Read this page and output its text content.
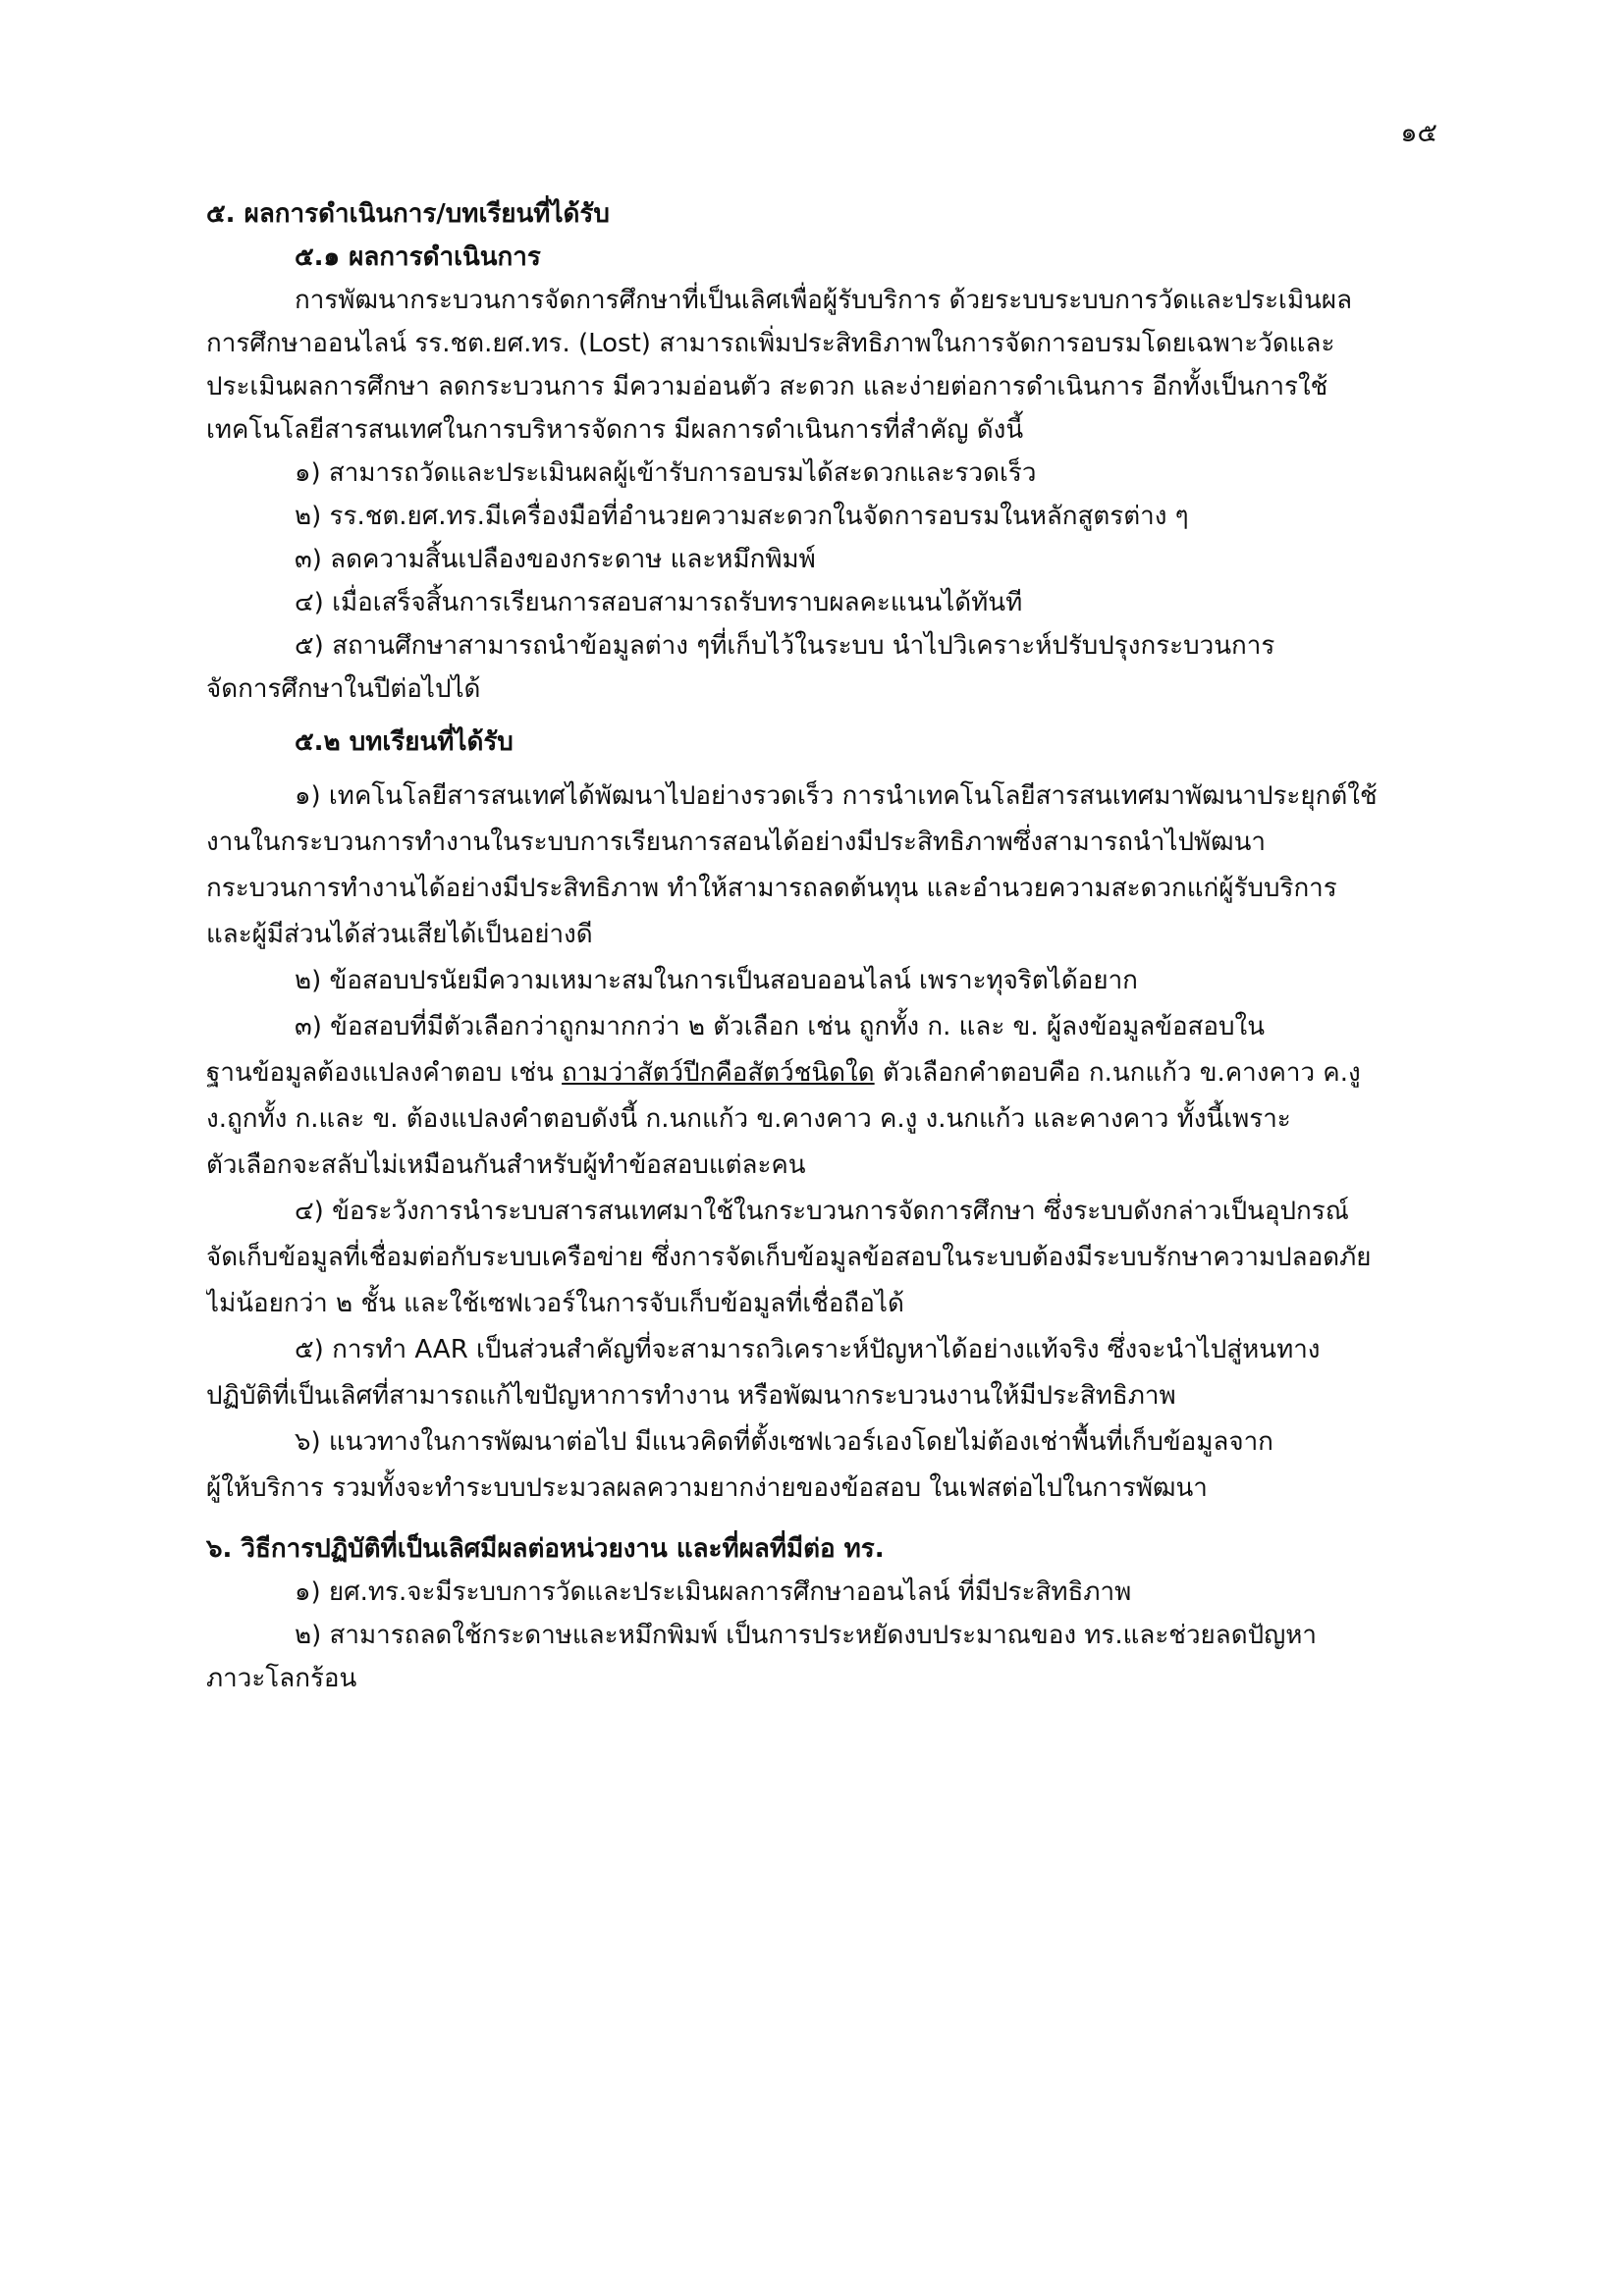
๑๕
๕. ผลการดำเนินการ/บทเรียนที่ได้รับ
๕.๑ ผลการดำเนินการ
การพัฒนากระบวนการจัดการศึกษาที่เป็นเลิศเพื่อผู้รับบริการ ด้วยระบบระบบการวัดและประเมินผล
การศึกษาออนไลน์ รร.ชต.ยศ.ทร. (Lost) สามารถเพิ่มประสิทธิภาพในการจัดการอบรมโดยเฉพาะวัดและ
ประเมินผลการศึกษา ลดกระบวนการ มีความอ่อนตัว สะดวก และง่ายต่อการดำเนินการ อีกทั้งเป็นการใช้
เทคโนโลยีสารสนเทศในการบริหารจัดการ มีผลการดำเนินการที่สำคัญ ดังนี้
๑) สามารถวัดและประเมินผลผู้เข้ารับการอบรมได้สะดวกและรวดเร็ว
๒) รร.ชต.ยศ.ทร.มีเครื่องมือที่อำนวยความสะดวกในจัดการอบรมในหลักสูตรต่าง ๆ
๓) ลดความสิ้นเปลืองของกระดาษ และหมึกพิมพ์
๔) เมื่อเสร็จสิ้นการเรียนการสอบสามารถรับทราบผลคะแนนได้ทันที
๕) สถานศึกษาสามารถนำข้อมูลต่าง ๆที่เก็บไว้ในระบบ นำไปวิเคราะห์ปรับปรุงกระบวนการ
จัดการศึกษาในปีต่อไปได้
๕.๒ บทเรียนที่ได้รับ
๑) เทคโนโลยีสารสนเทศได้พัฒนาไปอย่างรวดเร็ว การนำเทคโนโลยีสารสนเทศมาพัฒนาประยุกต์ใช้
งานในกระบวนการทำงานในระบบการเรียนการสอนได้อย่างมีประสิทธิภาพซึ่งสามารถนำไปพัฒนา
กระบวนการทำงานได้อย่างมีประสิทธิภาพ ทำให้สามารถลดต้นทุน และอำนวยความสะดวกแก่ผู้รับบริการ
และผู้มีส่วนได้ส่วนเสียได้เป็นอย่างดี
๒) ข้อสอบปรนัยมีความเหมาะสมในการเป็นสอบออนไลน์ เพราะทุจริตได้อยาก
๓) ข้อสอบที่มีตัวเลือกว่าถูกมากกว่า ๒ ตัวเลือก เช่น ถูกทั้ง ก. และ ข. ผู้ลงข้อมูลข้อสอบใน
ฐานข้อมูลต้องแปลงคำตอบ เช่น ถามว่าสัตว์ปีกคือสัตว์ชนิดใด ตัวเลือกคำตอบคือ ก.นกแก้ว ข.คางคาว ค.งู
ง.ถูกทั้ง ก.และ ข. ต้องแปลงคำตอบดังนี้ ก.นกแก้ว ข.คางคาว ค.งู ง.นกแก้ว และคางคาว ทั้งนี้เพราะ
ตัวเลือกจะสลับไม่เหมือนกันสำหรับผู้ทำข้อสอบแต่ละคน
๔) ข้อระวังการนำระบบสารสนเทศมาใช้ในกระบวนการจัดการศึกษา ซึ่งระบบดังกล่าวเป็นอุปกรณ์
จัดเก็บข้อมูลที่เชื่อมต่อกับระบบเครือข่าย ซึ่งการจัดเก็บข้อมูลข้อสอบในระบบต้องมีระบบรักษาความปลอดภัย
ไม่น้อยกว่า ๒ ชั้น และใช้เซฟเวอร์ในการจับเก็บข้อมูลที่เชื่อถือได้
๕) การทำ AAR เป็นส่วนสำคัญที่จะสามารถวิเคราะห์ปัญหาได้อย่างแท้จริง ซึ่งจะนำไปสู่หนทาง
ปฏิบัติที่เป็นเลิศที่สามารถแก้ไขปัญหาการทำงาน หรือพัฒนากระบวนงานให้มีประสิทธิภาพ
๖) แนวทางในการพัฒนาต่อไป มีแนวคิดที่ตั้งเซฟเวอร์เองโดยไม่ต้องเช่าพื้นที่เก็บข้อมูลจาก
ผู้ให้บริการ รวมทั้งจะทำระบบประมวลผลความยากง่ายของข้อสอบ ในเฟสต่อไปในการพัฒนา
๖. วิธีการปฏิบัติที่เป็นเลิศมีผลต่อหน่วยงาน และที่ผลที่มีต่อ ทร.
๑) ยศ.ทร.จะมีระบบการวัดและประเมินผลการศึกษาออนไลน์ ที่มีประสิทธิภาพ
๒) สามารถลดใช้กระดาษและหมึกพิมพ์ เป็นการประหยัดงบประมาณของ ทร.และช่วยลดปัญหา
ภาวะโลกร้อน
